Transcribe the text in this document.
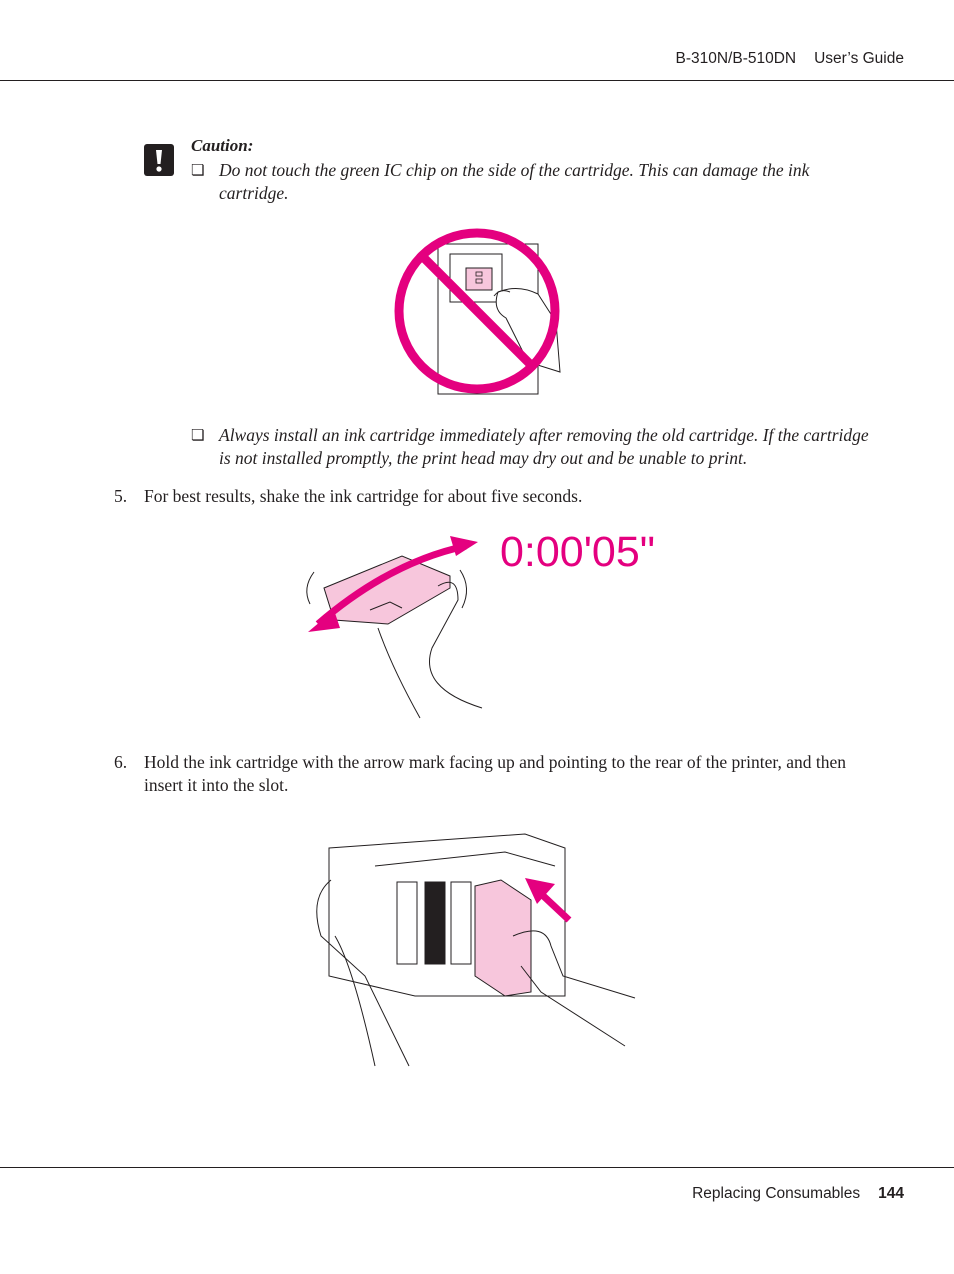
B-310N/B-510DN User’s Guide
Caution:
❏ Do not touch the green IC chip on the side of the cartridge. This can damage the ink cartridge.
❏ Always install an ink cartridge immediately after removing the old cartridge. If the cartridge is not installed promptly, the print head may dry out and be unable to print.
5. For best results, shake the ink cartridge for about five seconds.
0:00'05"
6. Hold the ink cartridge with the arrow mark facing up and pointing to the rear of the printer, and then insert it into the slot.
Replacing Consumables 144
